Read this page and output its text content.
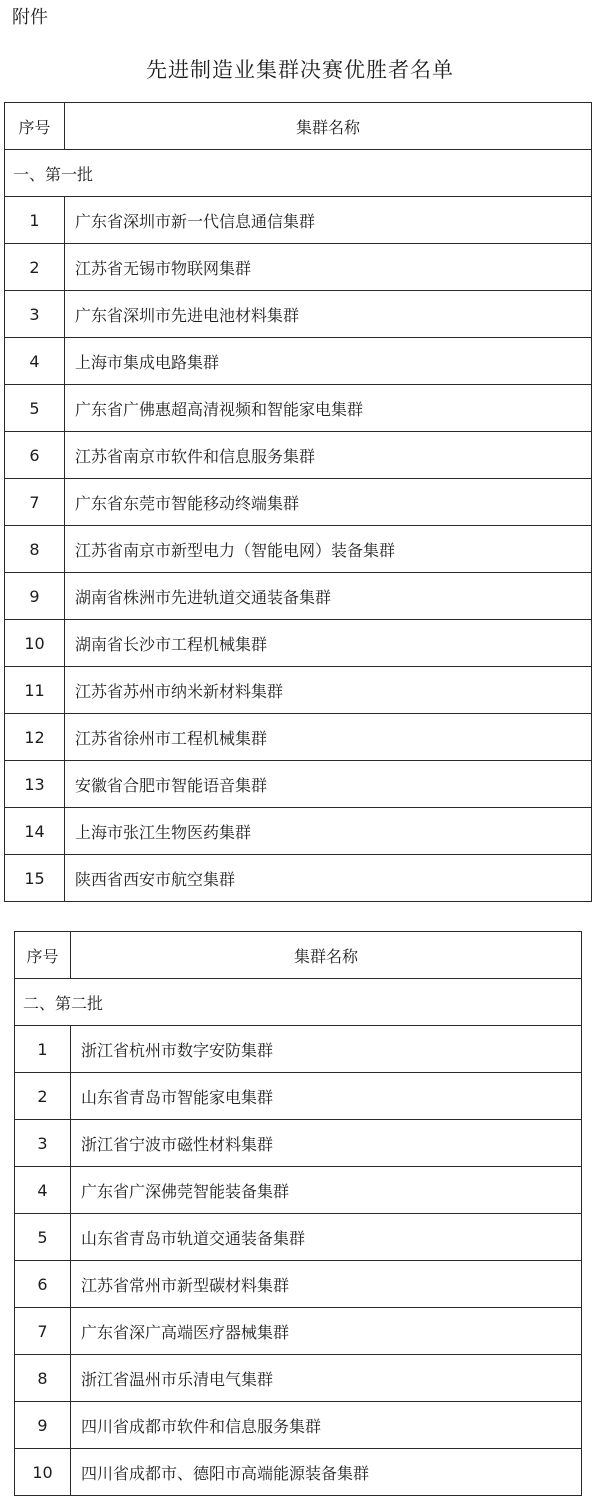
附件
先进制造业集群决赛优胜者名单
序号	集群名称
一、第一批	
1	广东省深圳市新一代信息通信集群
2	江苏省无锡市物联网集群
3	广东省深圳市先进电池材料集群
4	上海市集成电路集群
5	广东省广佛惠超高清视频和智能家电集群
6	江苏省南京市软件和信息服务集群
7	广东省东莞市智能移动终端集群
8	江苏省南京市新型电力（智能电网）装备集群
9	湖南省株洲市先进轨道交通装备集群
10	湖南省长沙市工程机械集群
11	江苏省苏州市纳米新材料集群
12	江苏省徐州市工程机械集群
13	安徽省合肥市智能语音集群
14	上海市张江生物医药集群
15	陕西省西安市航空集群
序号	集群名称
二、第二批	
1	浙江省杭州市数字安防集群
2	山东省青岛市智能家电集群
3	浙江省宁波市磁性材料集群
4	广东省广深佛莞智能装备集群
5	山东省青岛市轨道交通装备集群
6	江苏省常州市新型碳材料集群
7	广东省深广高端医疗器械集群
8	浙江省温州市乐清电气集群
9	四川省成都市软件和信息服务集群
10	四川省成都市、德阳市高端能源装备集群
